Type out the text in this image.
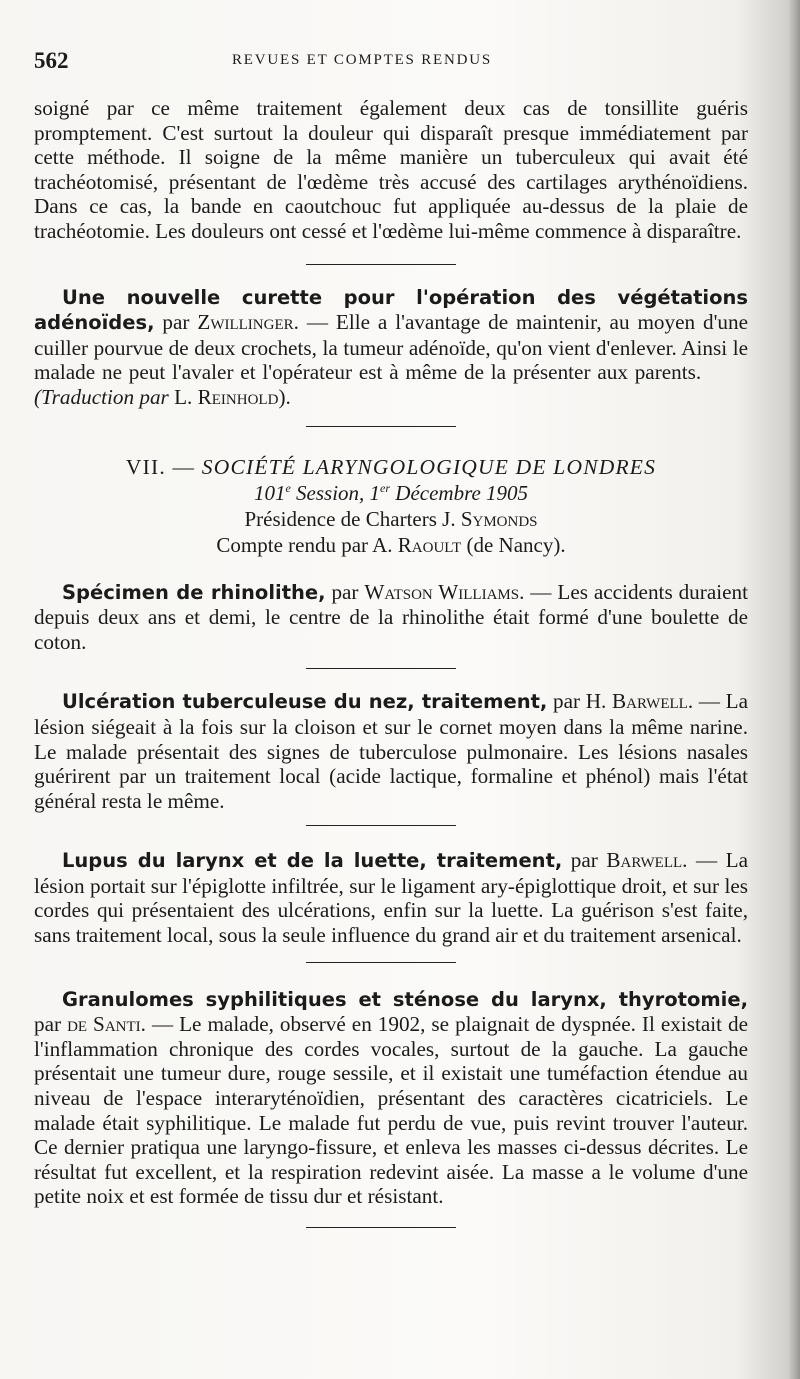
562	REVUES ET COMPTES RENDUS

soigné par ce même traitement également deux cas de tonsillite guéris promptement. C'est surtout la douleur qui disparaît presque immédiatement par cette méthode. Il soigne de la même manière un tuberculeux qui avait été trachéotomisé, présentant de l'œdème très accusé des cartilages arythénoïdiens. Dans ce cas, la bande en caoutchouc fut appliquée au-dessus de la plaie de trachéotomie. Les douleurs ont cessé et l'œdème lui-même commence à disparaître.

Une nouvelle curette pour l'opération des végétations adénoïdes, par Zwillinger. — Elle a l'avantage de maintenir, au moyen d'une cuiller pourvue de deux crochets, la tumeur adénoïde, qu'on vient d'enlever. Ainsi le malade ne peut l'avaler et l'opérateur est à même de la présenter aux parents. (Traduction par L. Reinhold).

VII. — SOCIÉTÉ LARYNGOLOGIQUE DE LONDRES
101e Session, 1er Décembre 1905
Présidence de Charters J. Symonds
Compte rendu par A. Raoult (de Nancy).

Spécimen de rhinolithe, par Watson Williams. — Les accidents duraient depuis deux ans et demi, le centre de la rhinolithe était formé d'une boulette de coton.

Ulcération tuberculeuse du nez, traitement, par H. Barwell. — La lésion siégeait à la fois sur la cloison et sur le cornet moyen dans la même narine. Le malade présentait des signes de tuberculose pulmonaire. Les lésions nasales guérirent par un traitement local (acide lactique, formaline et phénol) mais l'état général resta le même.

Lupus du larynx et de la luette, traitement, par Barwell. — La lésion portait sur l'épiglotte infiltrée, sur le ligament ary-épiglottique droit, et sur les cordes qui présentaient des ulcérations, enfin sur la luette. La guérison s'est faite, sans traitement local, sous la seule influence du grand air et du traitement arsenical.

Granulomes syphilitiques et sténose du larynx, thyrotomie, par de Santi. — Le malade, observé en 1902, se plaignait de dyspnée. Il existait de l'inflammation chronique des cordes vocales, surtout de la gauche. La gauche présentait une tumeur dure, rouge sessile, et il existait une tuméfaction étendue au niveau de l'espace interaryténoïdien, présentant des caractères cicatriciels. Le malade était syphilitique. Le malade fut perdu de vue, puis revint trouver l'auteur. Ce dernier pratiqua une laryngo-fissure, et enleva les masses ci-dessus décrites. Le résultat fut excellent, et la respiration redevint aisée. La masse a le volume d'une petite noix et est formée de tissu dur et résistant.
